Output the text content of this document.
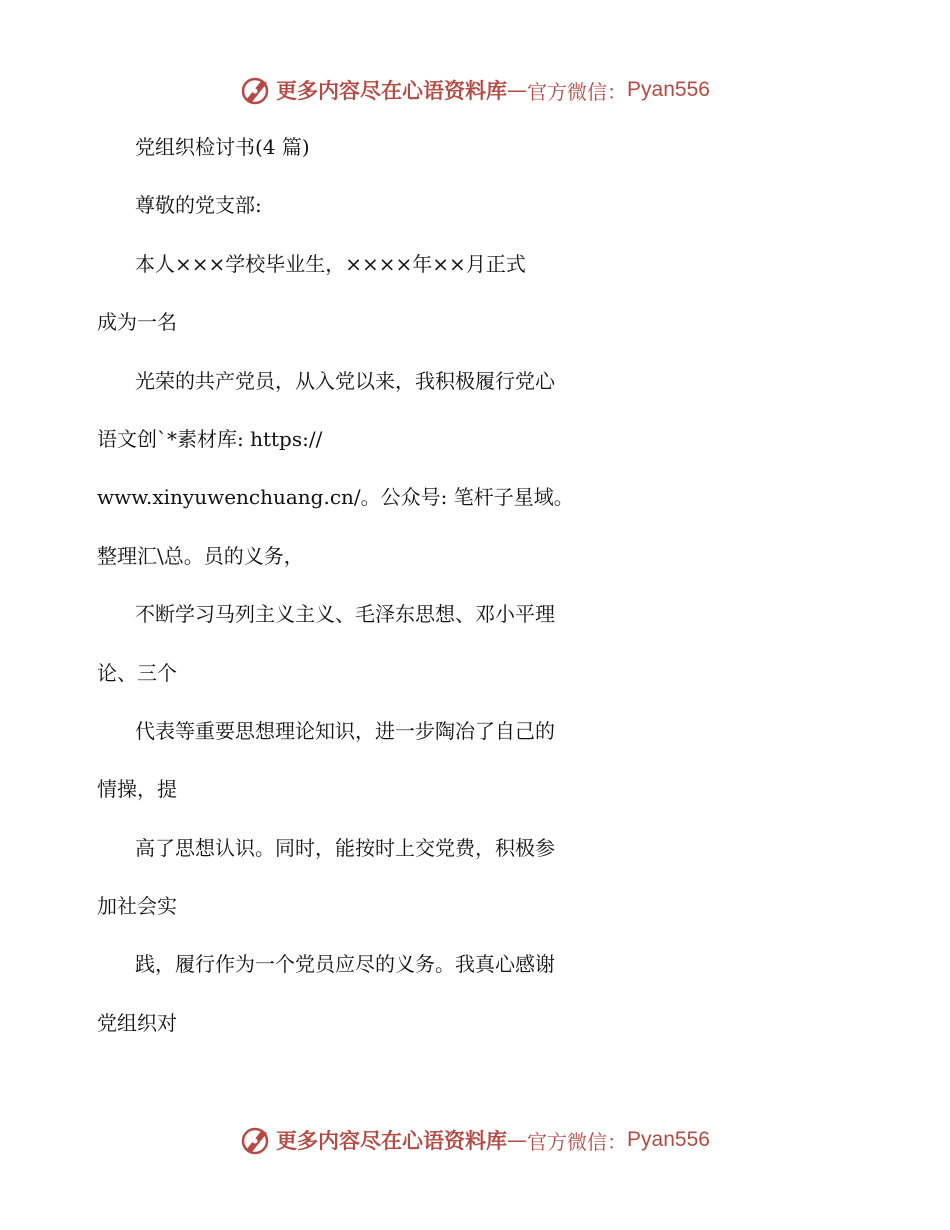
更多内容尽在心语资料库 — 官方微信： Pyan556
党组织检讨书(4 篇)
尊敬的党支部:
本人×××学校毕业生，××××年××月正式
成为一名
光荣的共产党员，从入党以来，我积极履行党心
语文创`*素材库: https://
www.xinyuwenchuang.cn/。公众号: 笔杆子星域。
整理汇\总。员的义务，
不断学习马列主义主义、毛泽东思想、邓小平理
论、三个
代表等重要思想理论知识，进一步陶冶了自己的
情操，提
高了思想认识。同时，能按时上交党费，积极参
加社会实
践，履行作为一个党员应尽的义务。我真心感谢
党组织对
更多内容尽在心语资料库 — 官方微信： Pyan556
